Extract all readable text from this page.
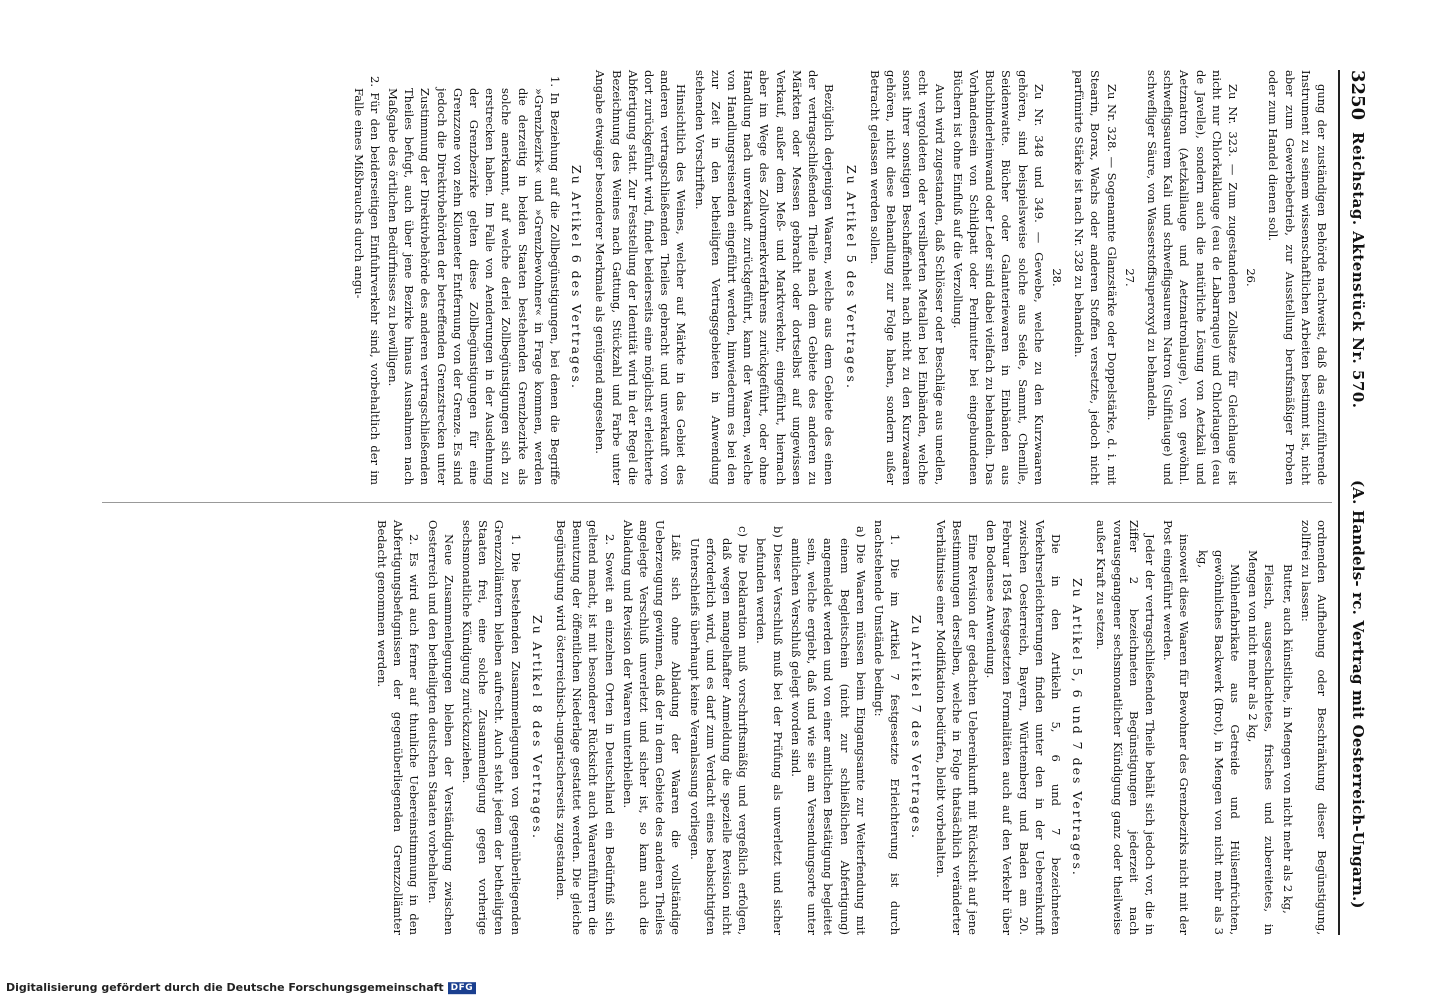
3250
Reichstag. Aktenstück Nr. 570.
(A. Handels- rc. Vertrag mit Oesterreich-Ungarn.)
gung der zuständigen Behörde nachweist, daß das einzuführende Instrument zu seinem wissenschaftlichen Arbeiten bestimmt ist, nicht aber zum Gewerbebetrieb, zur Ausstellung berufsmäßiger Proben oder zum Handel dienen soll.
26.
Zu Nr. 323. — Zum zugestandenen Zollsatze für Gleichlauge ist nicht nur Chlorkalklauge (eau de Labarraque) und Chlorlaugen (eau de Javelle), sondern auch die natürliche Lösung von Aetzkali und Aetznatron (Aetzkalilauge und Aetznatronlauge), von gewöhnl. schwefligsaurem Kali und schwefligsaurem Natron (Sulfitlauge) und schwefliger Säure, von Wasserstoffsuperoxyd zu behandeln.
27.
Zu Nr. 328. — Sogenannte Glanzstärke oder Doppelstärke, d. i. mit Stearin, Borax, Wachs oder anderen Stoffen versetzte, jedoch nicht parfümirte Stärke ist nach Nr. 328 zu behandeln.
28.
Zu Nr. 348 und 349. — Gewebe, welche zu den Kurzwaaren gehören, sind beispielsweise solche aus Seide, Sammt, Chenille, Seidenwatte. Bücher oder Galanteriewaren in Einbänden aus Buchbinderleinwand oder Leder sind dabei vielfach zu behandeln. Das Vorhandensein von Schildpatt oder Perlmutter bei eingebundenen Büchern ist ohne Einfluß auf die Verzollung.
Auch wird zugestanden, daß Schlösser oder Beschläge aus unedlen, echt vergoldeten oder versilberten Metallen bei Einbänden, welche sonst ihrer sonstigen Beschaffenheit nach nicht zu den Kurzwaaren gehören, nicht diese Behandlung zur Folge haben, sondern außer Betracht gelassen werden sollen.
Zu Artikel 5 des Vertrages.
Bezüglich derjenigen Waaren, welche aus dem Gebiete des einen der vertragschließenden Theile nach dem Gebiete des anderen zu Märkten oder Messen gebracht oder dortselbst auf ungewissen Verkauf, außer dem Meß- und Marktverkehr, eingeführt, hiernach aber im Wege des Zollvormerkverfahrens zurückgeführt, oder ohne Handlung nach unverkauft zurückgeführt, kann der Waaren, welche von Handlungsreisenden eingeführt werden, hinwiederum es bei den zur Zeit in den betheiligten Vertragsgebieten in Anwendung stehenden Vorschriften.
Hinsichtlich des Weines, welcher auf Märkte in das Gebiet des anderen vertragschließenden Theiles gebracht und unverkauft von dort zurückgeführt wird, findet beiderseits eine möglichst erleichterte Abfertigung statt. Zur Feststellung der Identität wird in der Regel die Bezeichnung des Weines nach Gattung, Stückzahl und Farbe unter Angabe etwaiger besonderer Merkmale als genügend angesehen.
Zu Artikel 6 des Vertrages.
1. In Beziehung auf die Zollbegünstigungen, bei denen die Begriffe »Grenzbezirk« und »Grenzbewohner« in Frage kommen, werden die derzeitig in beiden Staaten bestehenden Grenzbezirke als solche anerkannt, auf welche derlei Zollbegünstigungen sich zu erstrecken haben. Im Falle von Aenderungen in der Ausdehnung der Grenzbezirke gelten diese Zollbegünstigungen für eine Grenzzone von zehn Kilometer Entfernung von der Grenze. Es sind jedoch die Direktivbehörden der betreffenden Grenzstrecken unter Zustimmung der Direktivbehörde des anderen vertragschließenden Theiles befugt, auch über jene Bezirke hinaus Ausnahmen nach Maßgabe des örtlichen Bedürfnisses zu bewilligen.
2. Für den beiderseitigen Einfuhrverkehr sind, vorbehaltlich der im Falle eines Mißbrauchs durch angu-
ordnenden Aufhebung oder Beschränkung dieser Begünstigung, zollfrei zu lassen:
Butter, auch künstliche, in Mengen von nicht mehr als 2 kg,
Fleisch, ausgeschlachtetes, frisches und zubereitetes, in Mengen von nicht mehr als 2 kg,
Mühlenfabrikate aus Getreide und Hülsenfrüchten, gewöhnliches Backwerk (Brot), in Mengen von nicht mehr als 3 kg,
insoweit diese Waaren für Bewohner des Grenzbezirks nicht mit der Post eingeführt werden.
Jeder der vertragschließenden Theile behält sich jedoch vor, die in Ziffer 2 bezeichneten Begünstigungen jederzeit nach vorausgegangener sechsmonatlicher Kündigung ganz oder theilweise außer Kraft zu setzen.
Zu Artikel 5, 6 und 7 des Vertrages.
Die in den Artikeln 5, 6 und 7 bezeichneten Verkehrserleichterungen finden unter den in der Uebereinkunft zwischen Oesterreich, Bayern, Württemberg und Baden am 20. Februar 1854 festgesetzten Formalitäten auch auf den Verkehr über den Bodensee Anwendung.
Eine Revision der gedachten Uebereinkunft mit Rücksicht auf jene Bestimmungen derselben, welche in Folge thatsächlich veränderter Verhältnisse einer Modifikation bedürfen, bleibt vorbehalten.
Zu Artikel 7 des Vertrages.
1. Die im Artikel 7 festgesetzte Erleichterung ist durch nachstehende Umstände bedingt:
a) Die Waaren müssen beim Eingangsamte zur Weiterfendung mit einem Begleitschein (nicht zur schließlichen Abfertigung) angemeldet werden und von einer amtlichen Bestätigung begleitet sein, welche ergiebt, daß und wie sie am Versendungsorte unter amtlichen Verschluß gelegt worden sind.
b) Dieser Verschluß muß bei der Prüfung als unverletzt und sicher befunden werden.
c) Die Deklaration muß vorschriftsmäßig und vergeßlich erfolgen, daß wegen mangelhafter Anmeldung die spezielle Revision nicht erforderlich wird, und es darf zum Verdacht eines beabsichtigten Unterschleifs überhaupt keine Veranlassung vorliegen.
Läßt sich ohne Abladung der Waaren die vollständige Ueberzeugung gewinnen, daß der in dem Gebiete des anderen Theiles angelegte Verschluß unverletzt und sicher ist, so kann auch die Abladung und Revision der Waaren unterbleiben.
2. Soweit an einzelnen Orten in Deutschland ein Bedürfniß sich geltend macht, ist mit besonderer Rücksicht auch Waarenführern die Benutzung der öffentlichen Niederlage gestattet werden. Die gleiche Begünstigung wird österreichisch-ungarischerseits zugestanden.
Zu Artikel 8 des Vertrages.
1. Die bestehenden Zusammenlegungen von gegenüberliegenden Grenzzollämtern bleiben aufrecht. Auch steht jedem der betheiligten Staaten frei, eine solche Zusammenlegung gegen vorherige sechsmonatliche Kündigung zurückzuziehen.
Neue Zusammenlegungen bleiben der Verständigung zwischen Oesterreich und den betheiligten deutschen Staaten vorbehalten.
2. Es wird auch ferner auf thunliche Uebereinstimmung in den Abfertigungsbefugnissen der gegenüberliegenden Grenzzollämter Bedacht genommen werden.
Digitalisierung gefördert durch die Deutsche Forschungsgemeinschaft DFG
